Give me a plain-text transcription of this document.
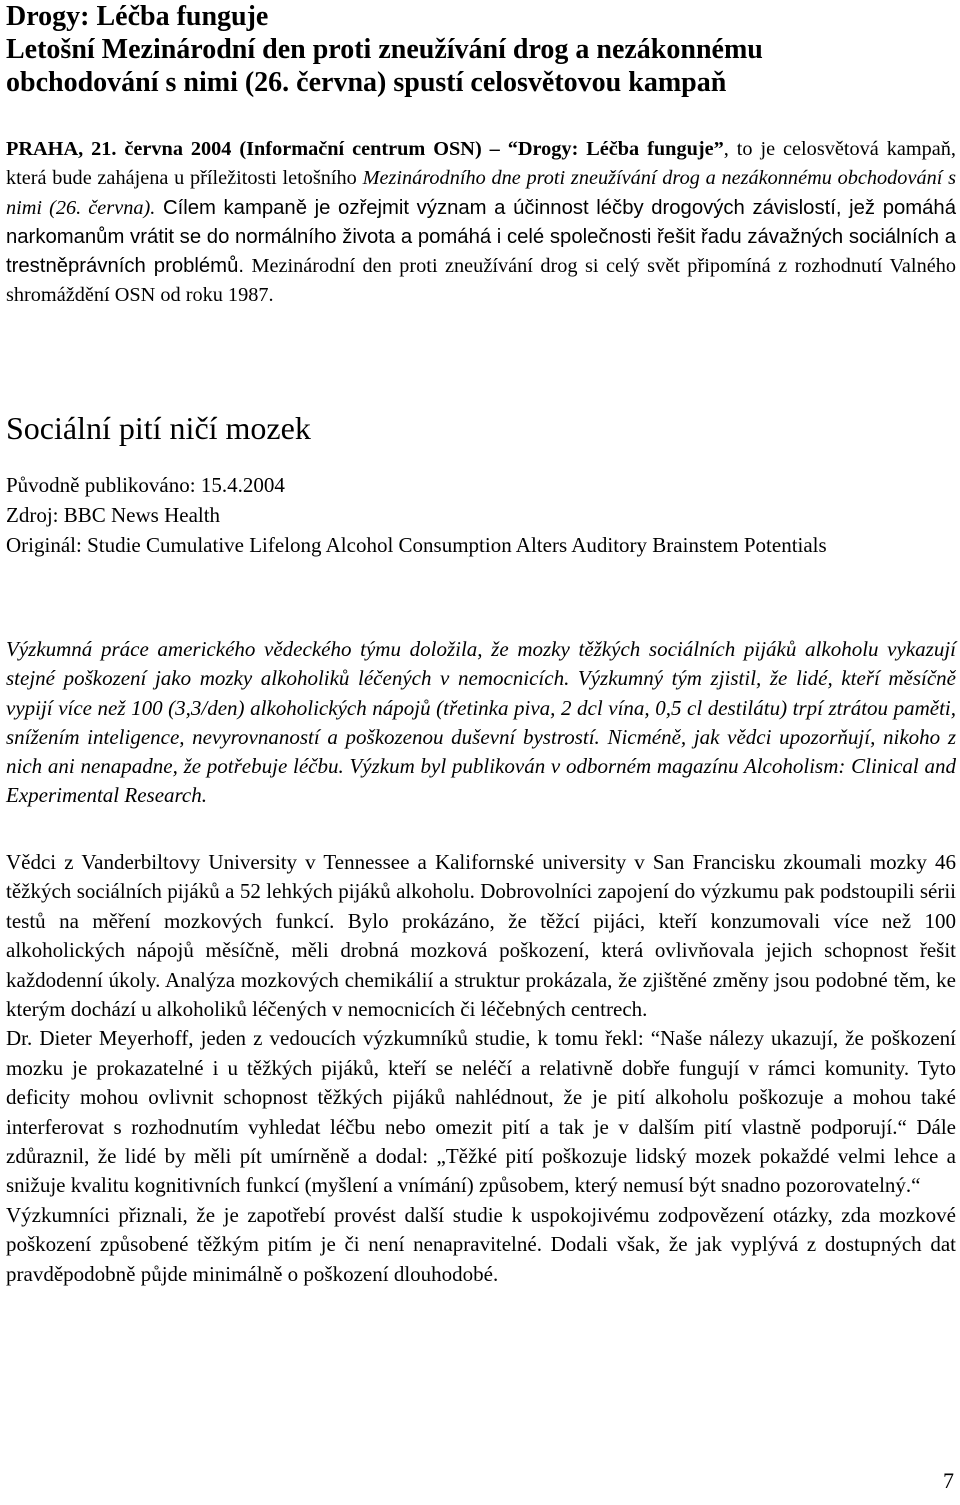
Drogy: Léčba funguje
Letošní Mezinárodní den proti zneužívání drog a nezákonnému
obchodování s nimi (26. června) spustí celosvětovou kampaň

PRAHA, 21. června 2004 (Informační centrum OSN) – “Drogy: Léčba funguje”, to je celosvětová kampaň, která bude zahájena u příležitosti letošního Mezinárodního dne proti zneužívání drog a nezákonnému obchodování s nimi (26. června). Cílem kampaně je ozřejmit význam a účinnost léčby drogových závislostí, jež pomáhá narkomanům vrátit se do normálního života a pomáhá i celé společnosti řešit řadu závažných sociálních a trestněprávních problémů. Mezinárodní den proti zneužívání drog si celý svět připomíná z rozhodnutí Valného shromáždění OSN od roku 1987.

Sociální pití ničí mozek
Původně publikováno: 15.4.2004
Zdroj: BBC News Health
Originál: Studie Cumulative Lifelong Alcohol Consumption Alters Auditory Brainstem Potentials

Výzkumná práce amerického vědeckého týmu doložila, že mozky těžkých sociálních pijáků alkoholu vykazují stejné poškození jako mozky alkoholiků léčených v nemocnicích. Výzkumný tým zjistil, že lidé, kteří měsíčně vypijí více než 100 (3,3/den) alkoholických nápojů (třetinka piva, 2 dcl vína, 0,5 cl destilátu) trpí ztrátou paměti, snížením inteligence, nevyrovnaností a poškozenou duševní bystrostí. Nicméně, jak vědci upozorňují, nikoho z nich ani nenapadne, že potřebuje léčbu. Výzkum byl publikován v odborném magazínu Alcoholism: Clinical and Experimental Research.

Vědci z Vanderbiltovy University v Tennessee a Kalifornské university v San Francisku zkoumali mozky 46 těžkých sociálních pijáků a 52 lehkých pijáků alkoholu. Dobrovolníci zapojení do výzkumu pak podstoupili sérii testů na měření mozkových funkcí. Bylo prokázáno, že těžcí pijáci, kteří konzumovali více než 100 alkoholických nápojů měsíčně, měli drobná mozková poškození, která ovlivňovala jejich schopnost řešit každodenní úkoly. Analýza mozkových chemikálií a struktur prokázala, že zjištěné změny jsou podobné těm, ke kterým dochází u alkoholiků léčených v nemocnicích či léčebných centrech.

Dr. Dieter Meyerhoff, jeden z vedoucích výzkumníků studie, k tomu řekl: “Naše nálezy ukazují, že poškození mozku je prokazatelné i u těžkých pijáků, kteří se neléčí a relativně dobře fungují v rámci komunity. Tyto deficity mohou ovlivnit schopnost těžkých pijáků nahlédnout, že je pití alkoholu poškozuje a mohou také interferovat s rozhodnutím vyhledat léčbu nebo omezit pití a tak je v dalším pití vlastně podporují.“ Dále zdůraznil, že lidé by měli pít umírněně a dodal: „Těžké pití poškozuje lidský mozek pokaždé velmi lehce a snižuje kvalitu kognitivních funkcí (myšlení a vnímání) způsobem, který nemusí být snadno pozorovatelný.“

Výzkumníci přiznali, že je zapotřebí provést další studie k uspokojivému zodpovězení otázky, zda mozkové poškození způsobené těžkým pitím je či není nenapravitelné. Dodali však, že jak vyplývá z dostupných dat pravděpodobně půjde minimálně o poškození dlouhodobé.

7
